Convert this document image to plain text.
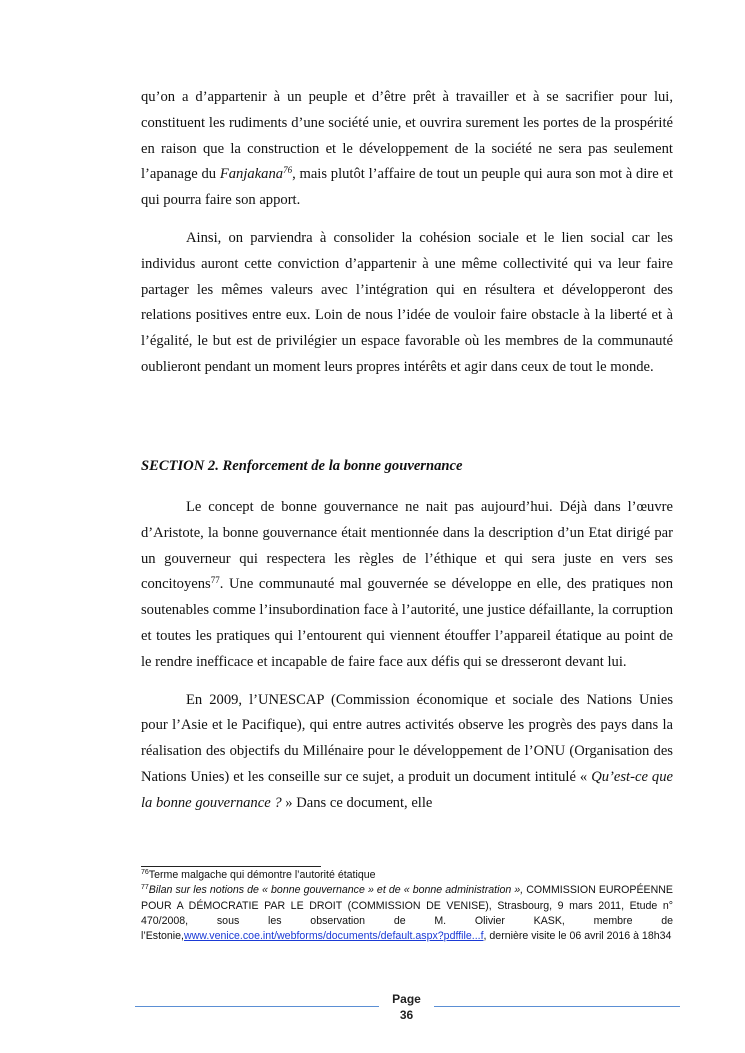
qu’on a d’appartenir à un peuple et d’être prêt à travailler et à se sacrifier pour lui, constituent les rudiments d’une société unie, et ouvrira surement les portes de la prospérité en raison que la construction et le développement de la société ne sera pas seulement l’apanage du Fanjakana$^{76}$, mais plutôt l’affaire de tout un peuple qui aura son mot à dire et qui pourra faire son apport.

Ainsi, on parviendra à consolider la cohésion sociale et le lien social car les individus auront cette conviction d’appartenir à une même collectivité qui va leur faire partager les mêmes valeurs avec l’intégration qui en résultera et développeront des relations positives entre eux. Loin de nous l’idée de vouloir faire obstacle à la liberté et à l’égalité, le but est de privilégier un espace favorable où les membres de la communauté oublieront pendant un moment leurs propres intérêts et agir dans ceux de tout le monde.

SECTION 2. Renforcement de la bonne gouvernance

Le concept de bonne gouvernance ne nait pas aujourd’hui. Déjà dans l’œuvre d’Aristote, la bonne gouvernance était mentionnée dans la description d’un Etat dirigé par un gouverneur qui respectera les règles de l’éthique et qui sera juste en vers ses concitoyens$^{77}$. Une communauté mal gouvernée se développe en elle, des pratiques non soutenables comme l’insubordination face à l’autorité, une justice défaillante, la corruption et toutes les pratiques qui l’entourent qui viennent étouffer l’appareil étatique au point de le rendre inefficace et incapable de faire face aux défis qui se dresseront devant lui.

En 2009, l’UNESCAP (Commission économique et sociale des Nations Unies pour l’Asie et le Pacifique), qui entre autres activités observe les progrès des pays dans la réalisation des objectifs du Millénaire pour le développement de l’ONU (Organisation des Nations Unies) et les conseille sur ce sujet, a produit un document intitulé « Qu’est-ce que la bonne gouvernance ? » Dans ce document, elle

$^{76}$Terme malgache qui démontre l’autorité étatique

$^{77}$Bilan sur les notions de « bonne gouvernance » et de « bonne administration », COMMISSION EUROPÉENNE POUR A DÉMOCRATIE PAR LE DROIT (COMMISSION DE VENISE), Strasbourg, 9 mars 2011, Etude n° 470/2008, sous les observation de M. Olivier KASK, membre de l’Estonie,www.venice.coe.int/webforms/documents/default.aspx?pdffile...f, dernière visite le 06 avril 2016 à 18h34

Page
36
